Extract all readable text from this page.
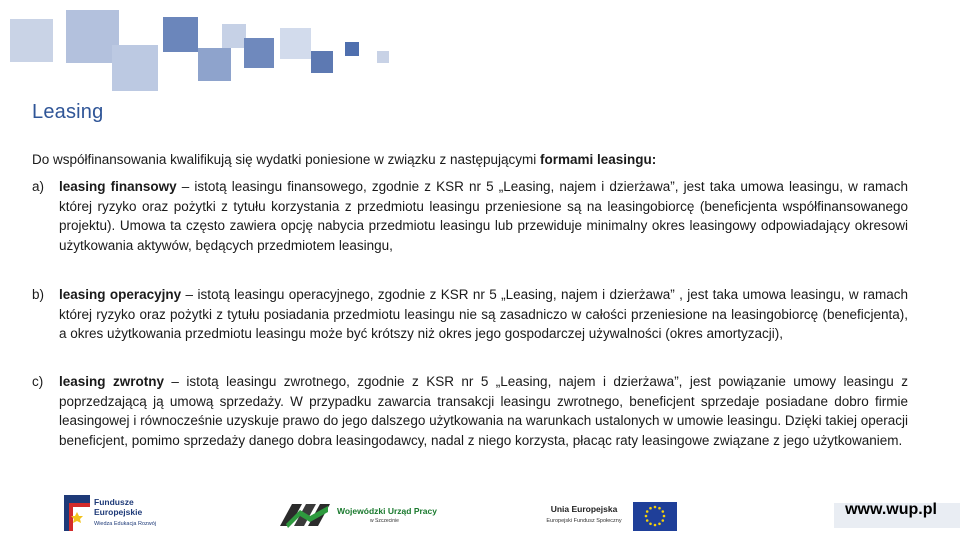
Leasing
Do współfinansowania kwalifikują się wydatki poniesione w związku z następującymi formami leasingu:
a)	leasing finansowy – istotą leasingu finansowego, zgodnie z KSR nr 5 „Leasing, najem i dzierżawa”, jest taka umowa leasingu, w ramach której ryzyko oraz pożytki z tytułu korzystania z przedmiotu leasingu przeniesione są na leasingobiorcę (beneficjenta współfinansowanego projektu). Umowa ta często zawiera opcję nabycia przedmiotu leasingu lub przewiduje minimalny okres leasingowy odpowiadający okresowi użytkowania aktywów, będących przedmiotem leasingu,
b)	leasing operacyjny – istotą leasingu operacyjnego, zgodnie z KSR nr 5 „Leasing, najem i dzierżawa” , jest taka umowa leasingu, w ramach której ryzyko oraz pożytki z tytułu posiadania przedmiotu leasingu nie są zasadniczo w całości przeniesione na leasingobiorcę (beneficjenta), a okres użytkowania przedmiotu leasingu może być krótszy niż okres jego gospodarczej używalności (okres amortyzacji),
c)	leasing zwrotny – istotą leasingu zwrotnego, zgodnie z KSR nr 5 „Leasing, najem i dzierżawa”, jest powiązanie umowy leasingu z poprzedzającą ją umową sprzedaży. W przypadku zawarcia transakcji leasingu zwrotnego, beneficjent sprzedaje posiadane dobro firmie leasingowej i równocześnie uzyskuje prawo do jego dalszego użytkowania na warunkach ustalonych w umowie leasingu. Dzięki takiej operacji beneficjent, pomimo sprzedaży danego dobra leasingodawcy, nadal z niego korzysta, płacąc raty leasingowe związane z jego użytkowaniem.
Fundusze
Europejskie
Wiedza Edukacja Rozwój
Wojewódzki Urząd Pracy
w Szczecinie
Unia Europejska
Europejski Fundusz Społeczny
www.wup.pl
